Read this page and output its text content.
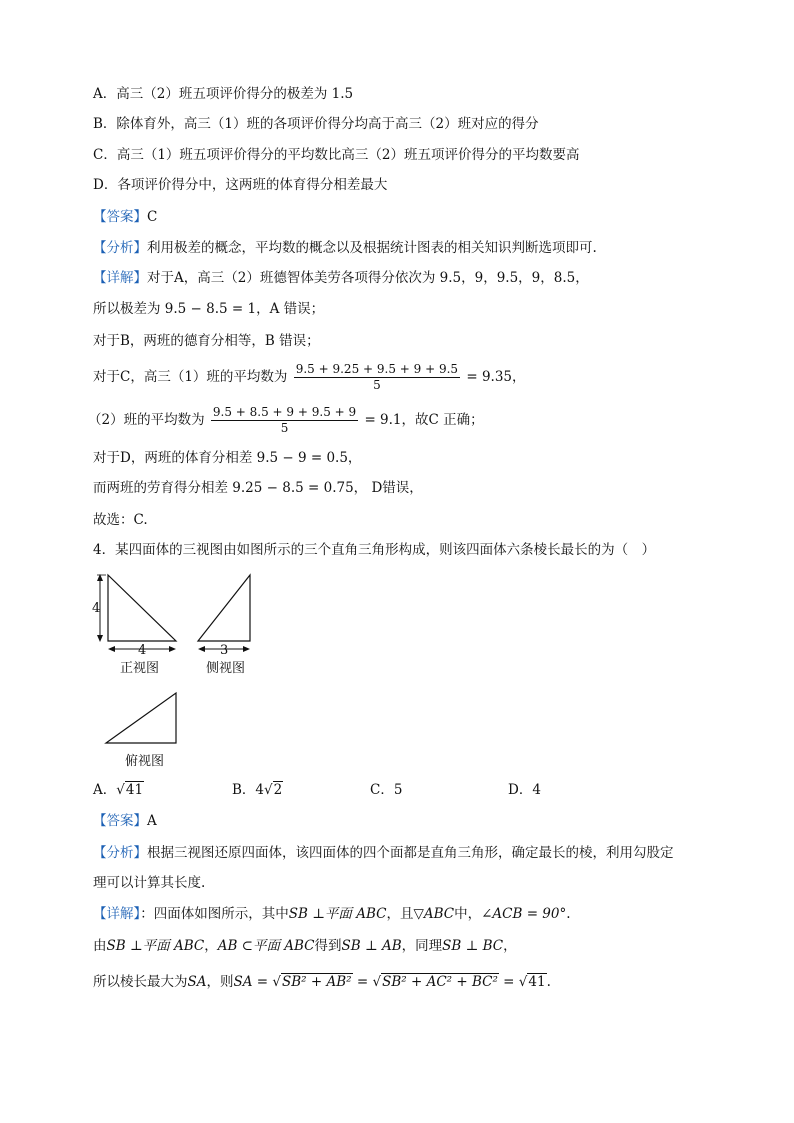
A．高三（2）班五项评价得分的极差为 1.5
B．除体育外，高三（1）班的各项评价得分均高于高三（2）班对应的得分
C．高三（1）班五项评价得分的平均数比高三（2）班五项评价得分的平均数要高
D．各项评价得分中，这两班的体育得分相差最大
【答案】C
【分析】利用极差的概念，平均数的概念以及根据统计图表的相关知识判断选项即可.
【详解】对于A，高三（2）班德智体美劳各项得分依次为 9.5，9，9.5，9，8.5，
所以极差为 9.5 − 8.5 = 1，A 错误；
对于B，两班的德育分相等，B 错误；
对于C，高三（1）班的平均数为 $\frac{9.5 + 9.25 + 9.5 + 9 + 9.5}{5} = 9.35$，
（2）班的平均数为 $\frac{9.5 + 8.5 + 9 + 9.5 + 9}{5} = 9.1$，故C 正确；
对于D，两班的体育分相差 9.5 − 9 = 0.5，
而两班的劳育得分相差 9.25 − 8.5 = 0.75， D错误，
故选：C.
4．某四面体的三视图由如图所示的三个直角三角形构成，则该四面体六条棱长最长的为（　）
4
4
正视图
3
侧视图
俯视图
A．√41	B．4√2	C．5	D．4
【答案】A
【分析】根据三视图还原四面体，该四面体的四个面都是直角三角形，确定最长的棱，利用勾股定
理可以计算其长度.
【详解】：四面体如图所示，其中SB ⊥平面 ABC，且▽ABC中，∠ACB = 90°.
由SB ⊥平面 ABC，AB ⊂平面 ABC得到SB ⊥ AB，同理SB ⊥ BC，
所以棱长最大为SA，则SA = √SB² + AB² = √SB² + AC² + BC² = √41.
